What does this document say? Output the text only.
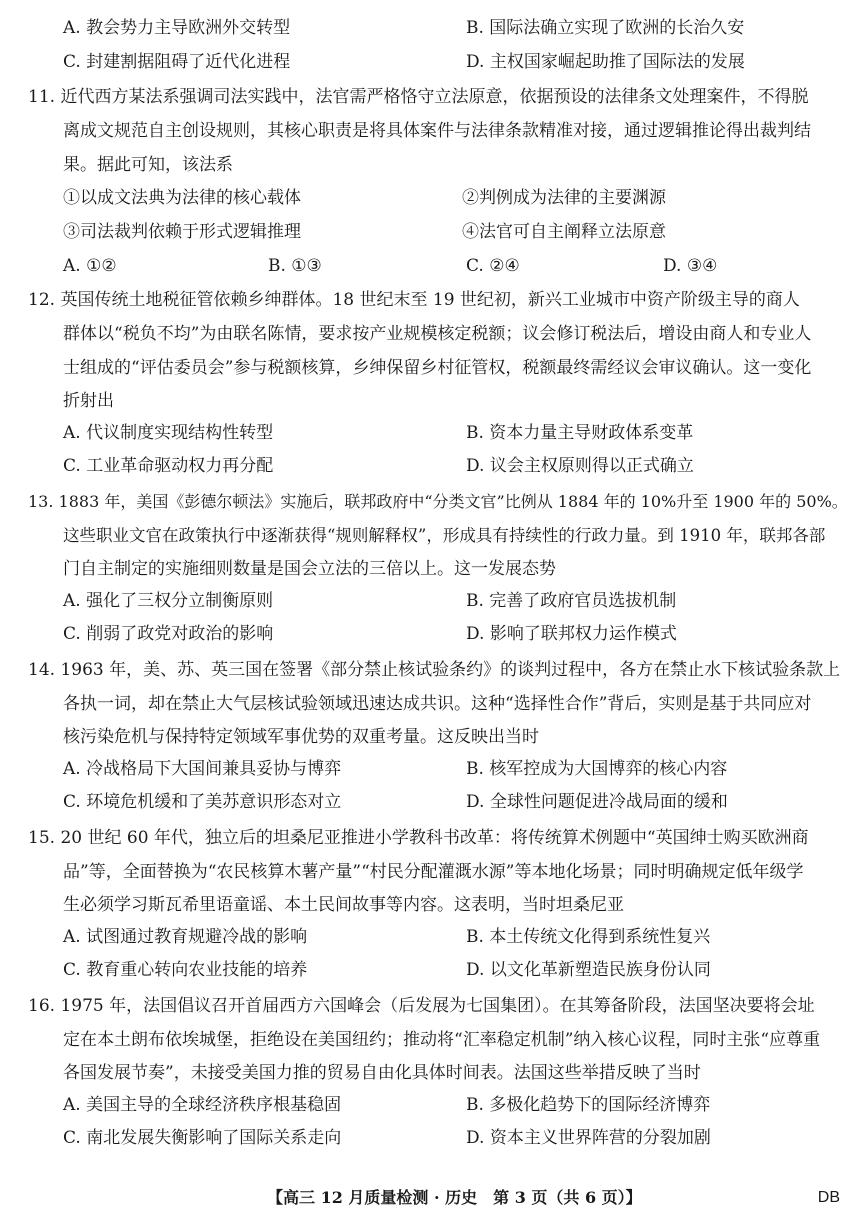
A. 教会势力主导欧洲外交转型	B. 国际法确立实现了欧洲的长治久安
C. 封建割据阻碍了近代化进程	D. 主权国家崛起助推了国际法的发展
11. 近代西方某法系强调司法实践中，法官需严格恪守立法原意，依据预设的法律条文处理案件，不得脱
离成文规范自主创设规则，其核心职责是将具体案件与法律条款精准对接，通过逻辑推论得出裁判结
果。据此可知，该法系
①以成文法典为法律的核心载体	②判例成为法律的主要渊源
③司法裁判依赖于形式逻辑推理	④法官可自主阐释立法原意
A. ①②	B. ①③	C. ②④	D. ③④
12. 英国传统土地税征管依赖乡绅群体。18 世纪末至 19 世纪初，新兴工业城市中资产阶级主导的商人
群体以“税负不均”为由联名陈情，要求按产业规模核定税额；议会修订税法后，增设由商人和专业人
士组成的“评估委员会”参与税额核算，乡绅保留乡村征管权，税额最终需经议会审议确认。这一变化
折射出
A. 代议制度实现结构性转型	B. 资本力量主导财政体系变革
C. 工业革命驱动权力再分配	D. 议会主权原则得以正式确立
13. 1883 年，美国《彭德尔顿法》实施后，联邦政府中“分类文官”比例从 1884 年的 10%升至 1900 年的 50%。
这些职业文官在政策执行中逐渐获得“规则解释权”，形成具有持续性的行政力量。到 1910 年，联邦各部
门自主制定的实施细则数量是国会立法的三倍以上。这一发展态势
A. 强化了三权分立制衡原则	B. 完善了政府官员选拔机制
C. 削弱了政党对政治的影响	D. 影响了联邦权力运作模式
14. 1963 年，美、苏、英三国在签署《部分禁止核试验条约》的谈判过程中，各方在禁止水下核试验条款上
各执一词，却在禁止大气层核试验领域迅速达成共识。这种“选择性合作”背后，实则是基于共同应对
核污染危机与保持特定领域军事优势的双重考量。这反映出当时
A. 冷战格局下大国间兼具妥协与博弈	B. 核军控成为大国博弈的核心内容
C. 环境危机缓和了美苏意识形态对立	D. 全球性问题促进冷战局面的缓和
15. 20 世纪 60 年代，独立后的坦桑尼亚推进小学教科书改革：将传统算术例题中“英国绅士购买欧洲商
品”等，全面替换为“农民核算木薯产量”“村民分配灌溉水源”等本地化场景；同时明确规定低年级学
生必须学习斯瓦希里语童谣、本土民间故事等内容。这表明，当时坦桑尼亚
A. 试图通过教育规避冷战的影响	B. 本土传统文化得到系统性复兴
C. 教育重心转向农业技能的培养	D. 以文化革新塑造民族身份认同
16. 1975 年，法国倡议召开首届西方六国峰会（后发展为七国集团）。在其筹备阶段，法国坚决要将会址
定在本土朗布依埃城堡，拒绝设在美国纽约；推动将“汇率稳定机制”纳入核心议程，同时主张“应尊重
各国发展节奏”，未接受美国力推的贸易自由化具体时间表。法国这些举措反映了当时
A. 美国主导的全球经济秩序根基稳固	B. 多极化趋势下的国际经济博弈
C. 南北发展失衡影响了国际关系走向	D. 资本主义世界阵营的分裂加剧
【高三 12 月质量检测 · 历史　第 3 页（共 6 页）】	DB
